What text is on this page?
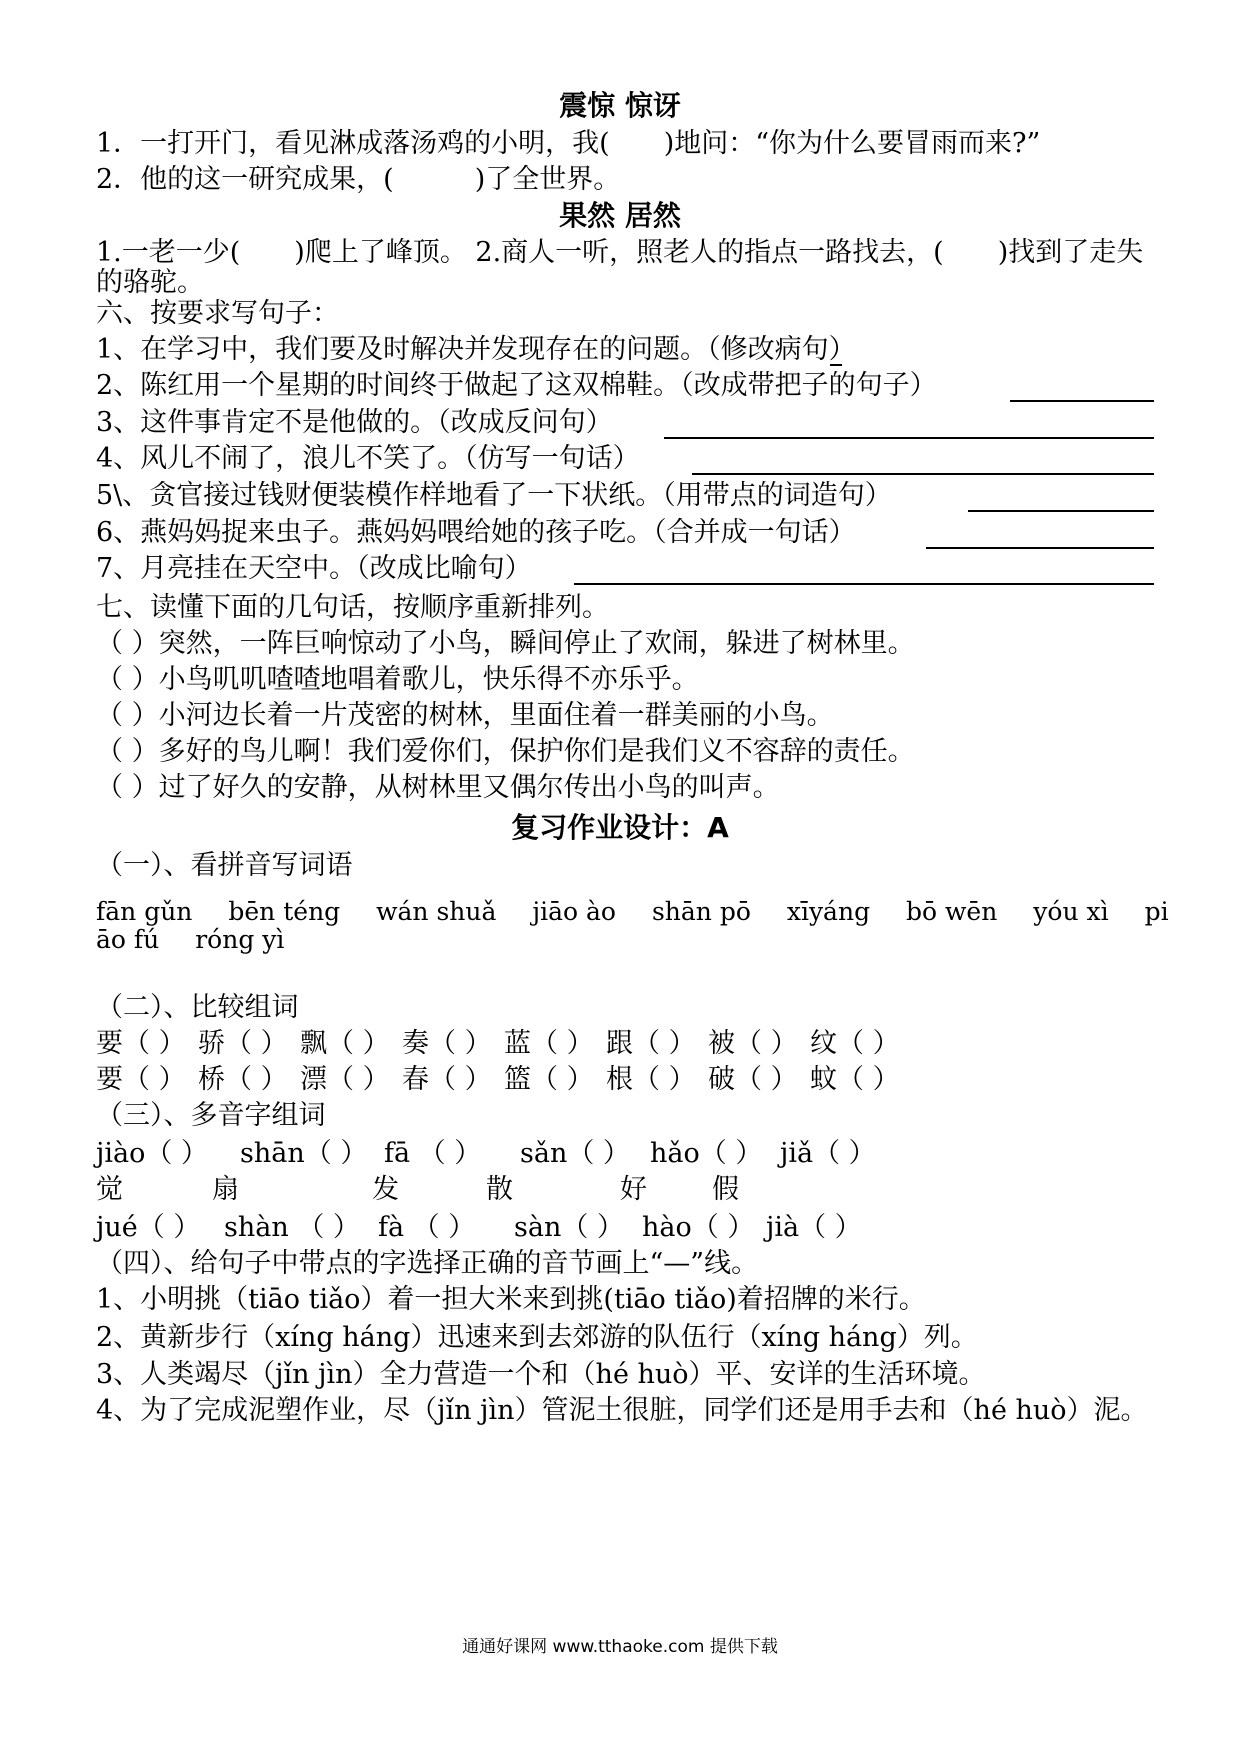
震惊 惊讶
1．一打开门，看见淋成落汤鸡的小明，我(　　)地问：“你为什么要冒雨而来?”
2．他的这一研究成果，(　　　)了全世界。
果然 居然
1.一老一少(　　)爬上了峰顶。 2.商人一听，照老人的指点一路找去，(　　)找到了走失的骆驼。
六、按要求写句子：
1、在学习中，我们要及时解决并发现存在的问题。（修改病句）
2、陈红用一个星期的时间终于做起了这双棉鞋。（改成带把子的句子）
3、这件事肯定不是他做的。（改成反问句）
4、风儿不闹了，浪儿不笑了。（仿写一句话）
5\、贪官接过钱财便装模作样地看了一下状纸。（用带点的词造句）
6、燕妈妈捉来虫子。燕妈妈喂给她的孩子吃。（合并成一句话）
7、月亮挂在天空中。（改成比喻句）
七、读懂下面的几句话，按顺序重新排列。
（ ）突然，一阵巨响惊动了小鸟，瞬间停止了欢闹，躲进了树林里。
（ ）小鸟叽叽喳喳地唱着歌儿，快乐得不亦乐乎。
（ ）小河边长着一片茂密的树林，里面住着一群美丽的小鸟。
（ ）多好的鸟儿啊！我们爱你们，保护你们是我们义不容辞的责任。
（ ）过了好久的安静，从树林里又偶尔传出小鸟的叫声。
复习作业设计：A
（一）、看拼音写词语
fān gǔn bēn téng wán shuǎ jiāo ào shān pō xīyáng bō wēn yóu xì pi
āo fú róng yì
（二）、比较组词
要（ ） 骄（ ） 飘（ ） 奏（ ） 蓝（ ） 跟（ ） 被（ ） 纹（ ）
要（ ） 桥（ ） 漂（ ） 春（ ） 篮（ ） 根（ ） 破（ ） 蚊（ ）
（三）、多音字组词
jiào（ ） shān（ ） fā （ ） sǎn（ ） hǎo（ ） jiǎ（ ）
觉	扇	发	散	好 假
jué（ ） shàn （ ） fà （ ） sàn（ ） hào（ ） jià（ ）
（四）、给句子中带点的字选择正确的音节画上“—”线。
1、小明挑（tiāo tiǎo）着一担大米来到挑(tiāo tiǎo)着招牌的米行。
2、黄新步行（xíng háng）迅速来到去郊游的队伍行（xíng háng）列。
3、人类竭尽（jǐn jìn）全力营造一个和（hé huò）平、安详的生活环境。
4、为了完成泥塑作业，尽（jǐn jìn）管泥土很脏，同学们还是用手去和（hé huò）泥。
通通好课网 www.tthaoke.com 提供下载
